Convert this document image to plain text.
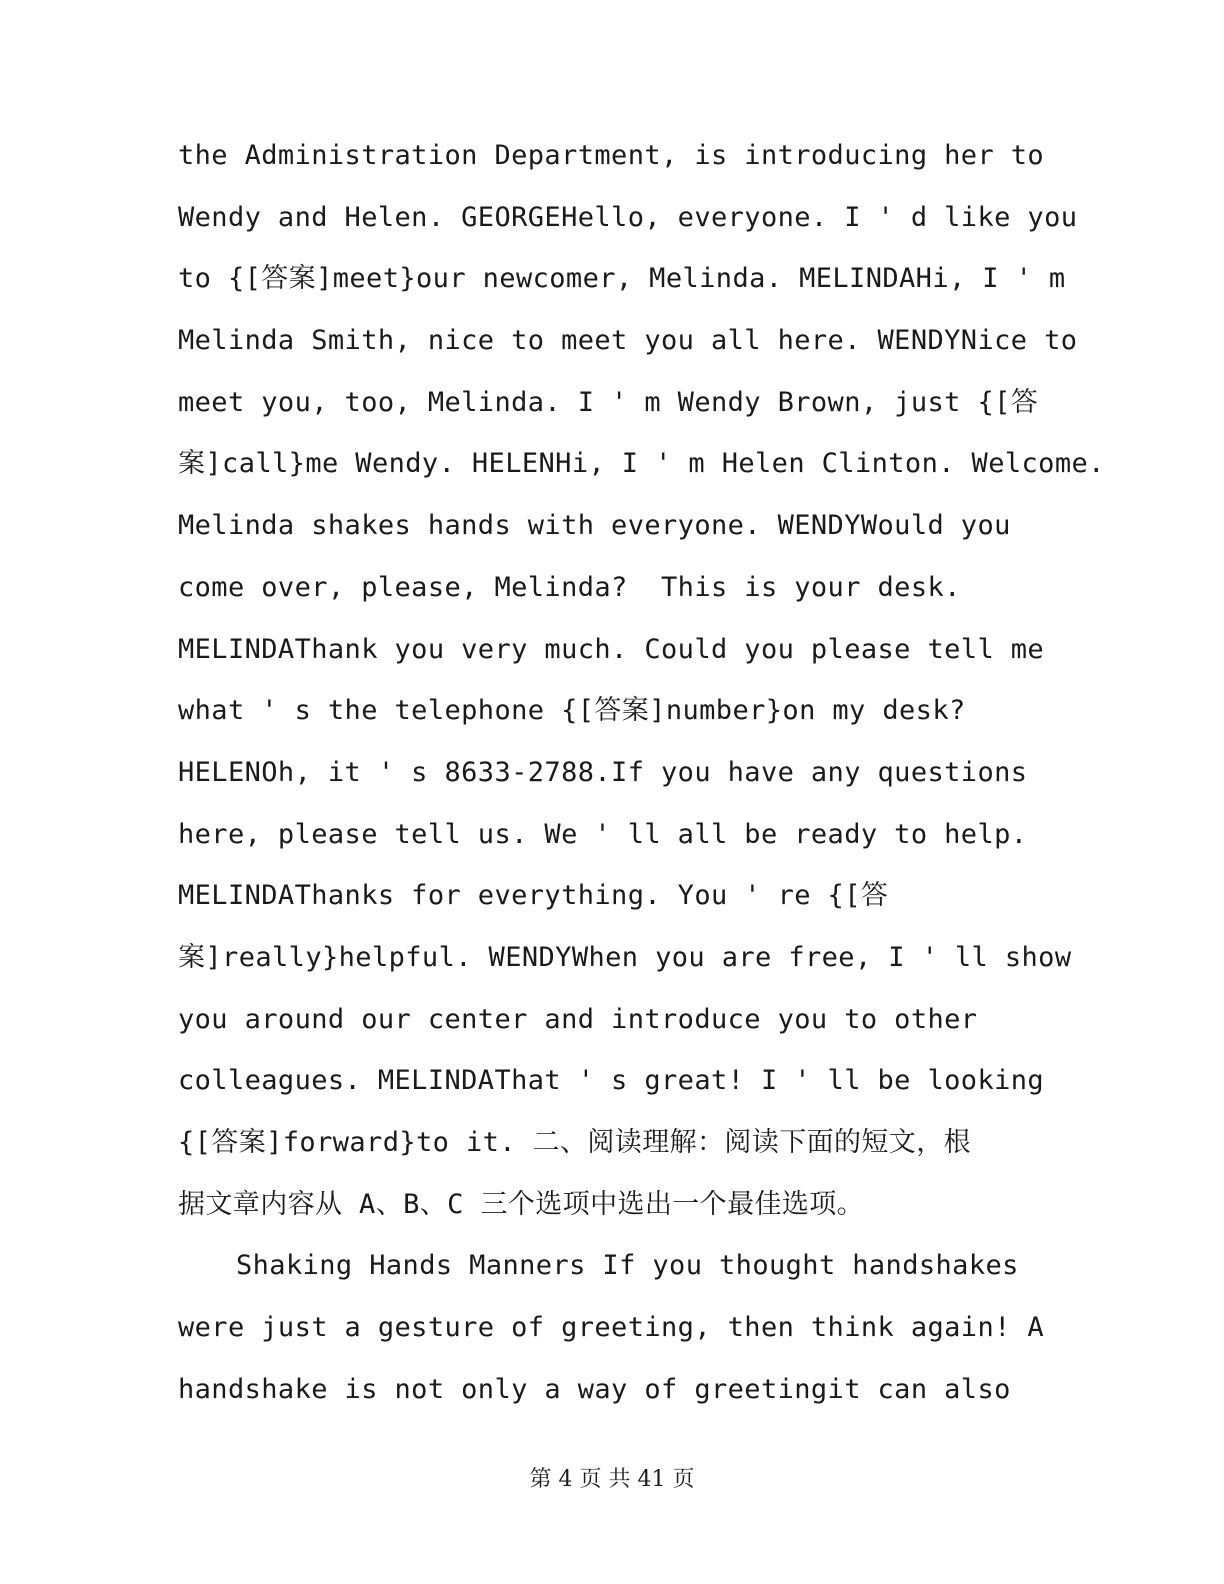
the Administration Department, is introducing her to
Wendy and Helen. GEORGEHello, everyone. I ' d like you
to {[答案]meet}our newcomer, Melinda. MELINDAHi, I ' m
Melinda Smith, nice to meet you all here. WENDYNice to
meet you, too, Melinda. I ' m Wendy Brown, just {[答
案]call}me Wendy. HELENHi, I ' m Helen Clinton. Welcome.
Melinda shakes hands with everyone. WENDYWould you
come over, please, Melinda?  This is your desk.
MELINDAThank you very much. Could you please tell me
what ' s the telephone {[答案]number}on my desk?
HELENOh, it ' s 8633-2788.If you have any questions
here, please tell us. We ' ll all be ready to help.
MELINDAThanks for everything. You ' re {[答
案]really}helpful. WENDYWhen you are free, I ' ll show
you around our center and introduce you to other
colleagues. MELINDAThat ' s great! I ' ll be looking
{[答案]forward}to it. 二、阅读理解：阅读下面的短文，根
据文章内容从 A、B、C 三个选项中选出一个最佳选项。
Shaking Hands Manners If you thought handshakes
were just a gesture of greeting, then think again! A
handshake is not only a way of greetingit can also
第 4 页 共 41 页
